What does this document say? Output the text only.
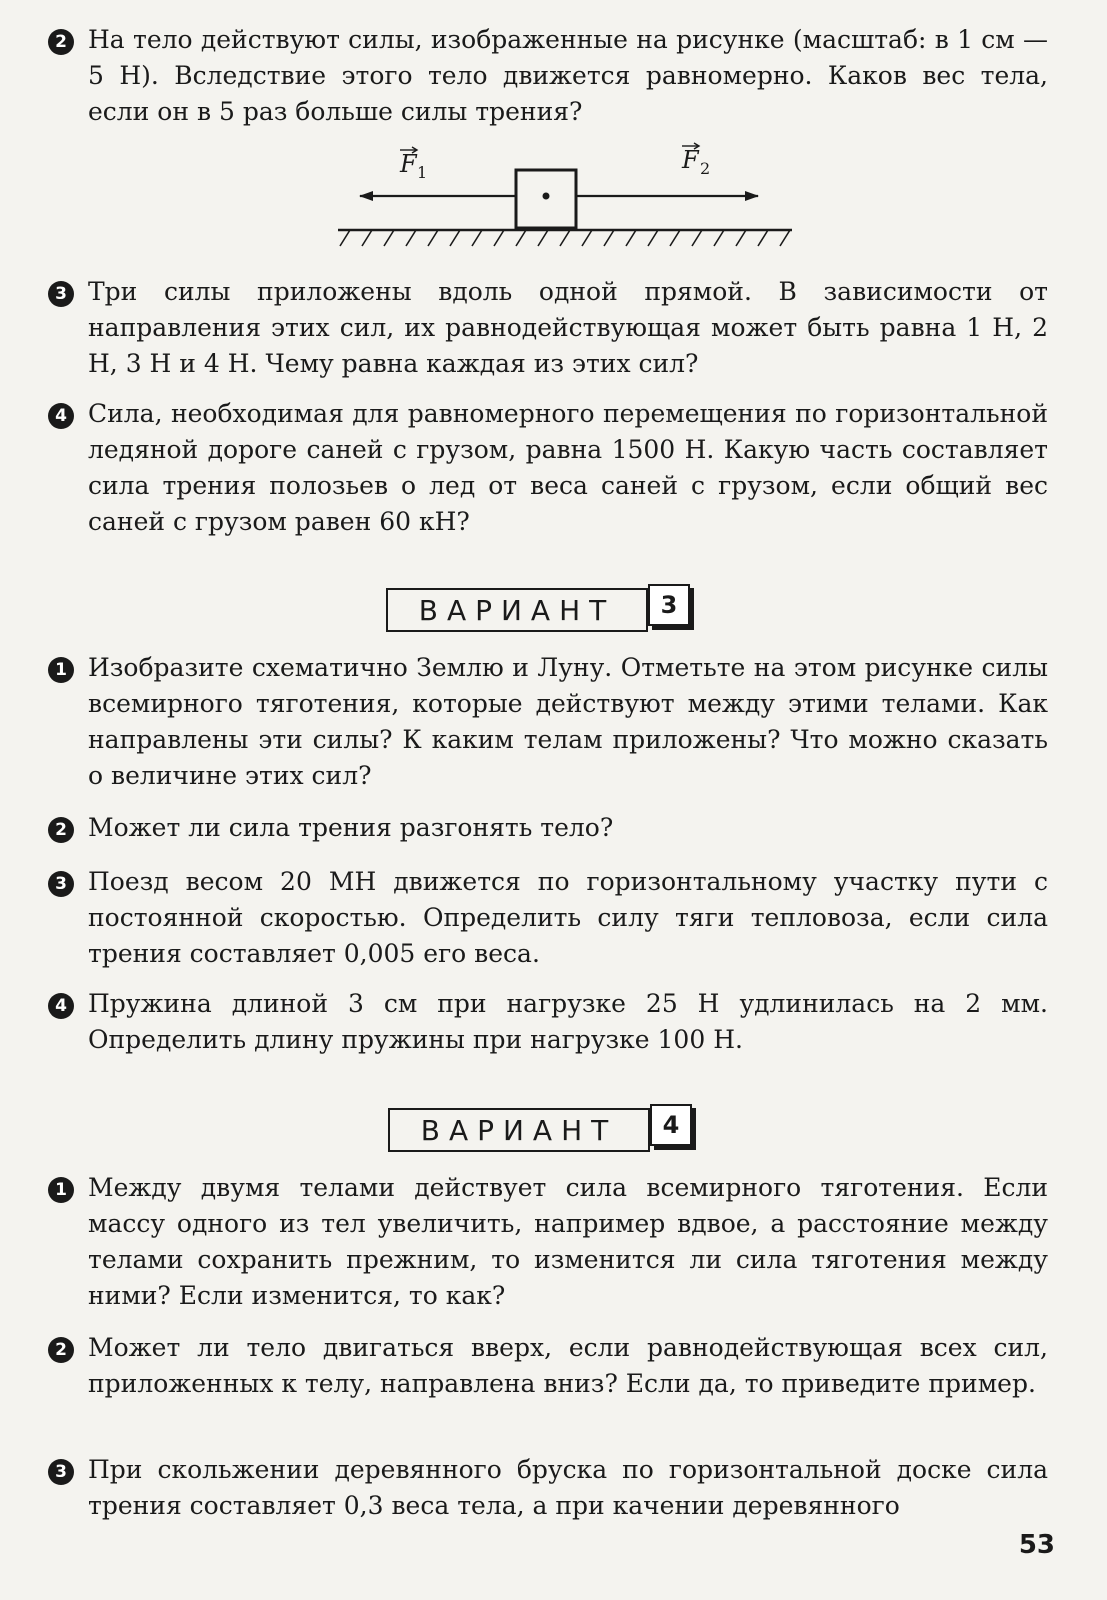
2 На тело действуют силы, изображенные на рисунке (масштаб: в 1 см — 5 Н). Вследствие этого тело движется равномерно. Каков вес тела, если он в 5 раз больше силы трения?
F 1	F 2
3 Три силы приложены вдоль одной прямой. В зависимости от направления этих сил, их равнодействующая может быть равна 1 Н, 2 Н, 3 Н и 4 Н. Чему равна каждая из этих сил?
4 Сила, необходимая для равномерного перемещения по горизонтальной ледяной дороге саней с грузом, равна 1500 Н. Какую часть составляет сила трения полозьев о лед от веса саней с грузом, если общий вес саней с грузом равен 60 кН?
ВАРИАНТ	3
1 Изобразите схематично Землю и Луну. Отметьте на этом рисунке силы всемирного тяготения, которые действуют между этими телами. Как направлены эти силы? К каким телам приложены? Что можно сказать о величине этих сил?
2 Может ли сила трения разгонять тело?
3 Поезд весом 20 МН движется по горизонтальному участку пути с постоянной скоростью. Определить силу тяги тепловоза, если сила трения составляет 0,005 его веса.
4 Пружина длиной 3 см при нагрузке 25 Н удлинилась на 2 мм. Определить длину пружины при нагрузке 100 Н.
ВАРИАНТ	4
1 Между двумя телами действует сила всемирного тяготения. Если массу одного из тел увеличить, например вдвое, а расстояние между телами сохранить прежним, то изменится ли сила тяготения между ними? Если изменится, то как?
2 Может ли тело двигаться вверх, если равнодействующая всех сил, приложенных к телу, направлена вниз? Если да, то приведите пример.
3 При скольжении деревянного бруска по горизонтальной доске сила трения составляет 0,3 веса тела, а при качении деревянного
53
